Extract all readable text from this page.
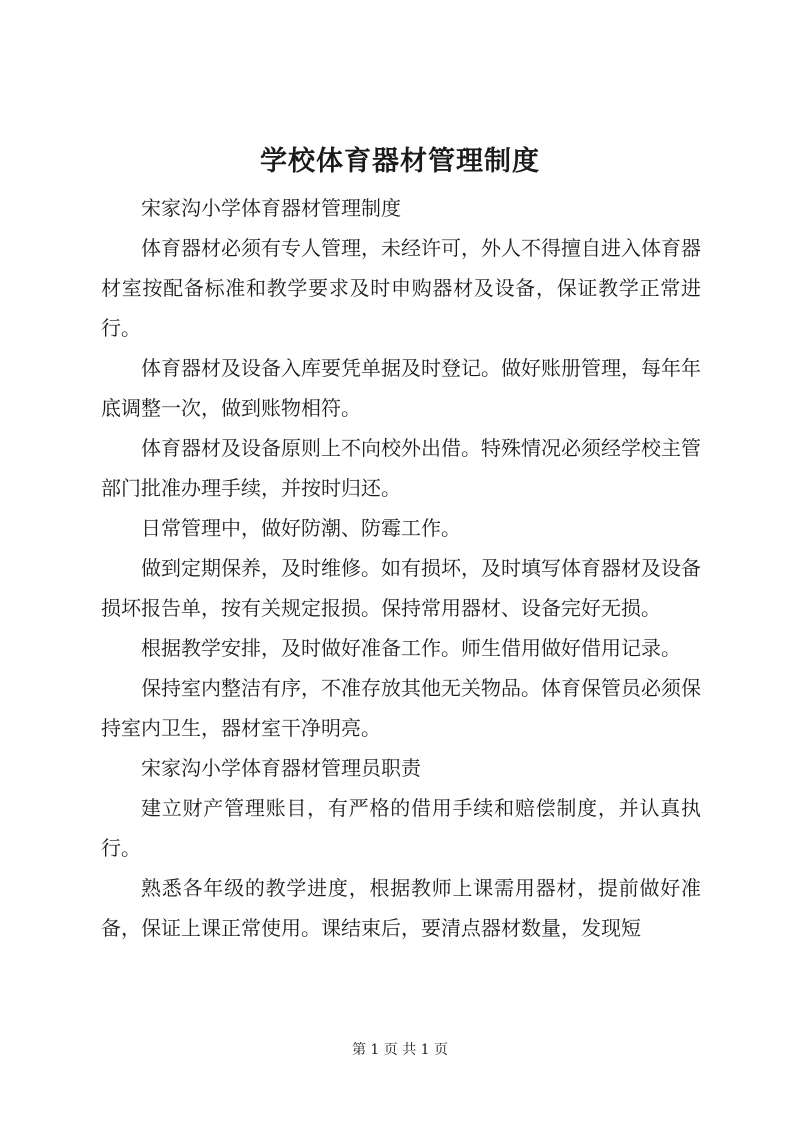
学校体育器材管理制度

宋家沟小学体育器材管理制度

体育器材必须有专人管理，未经许可，外人不得擅自进入体育器材室按配备标准和教学要求及时申购器材及设备，保证教学正常进行。

体育器材及设备入库要凭单据及时登记。做好账册管理，每年年底调整一次，做到账物相符。

体育器材及设备原则上不向校外出借。特殊情况必须经学校主管部门批准办理手续，并按时归还。

日常管理中，做好防潮、防霉工作。

做到定期保养，及时维修。如有损坏，及时填写体育器材及设备损坏报告单，按有关规定报损。保持常用器材、设备完好无损。

根据教学安排，及时做好准备工作。师生借用做好借用记录。

保持室内整洁有序，不准存放其他无关物品。体育保管员必须保持室内卫生，器材室干净明亮。

宋家沟小学体育器材管理员职责

建立财产管理账目，有严格的借用手续和赔偿制度，并认真执行。

熟悉各年级的教学进度，根据教师上课需用器材，提前做好准备，保证上课正常使用。课结束后，要清点器材数量，发现短

第 1 页 共 1 页
